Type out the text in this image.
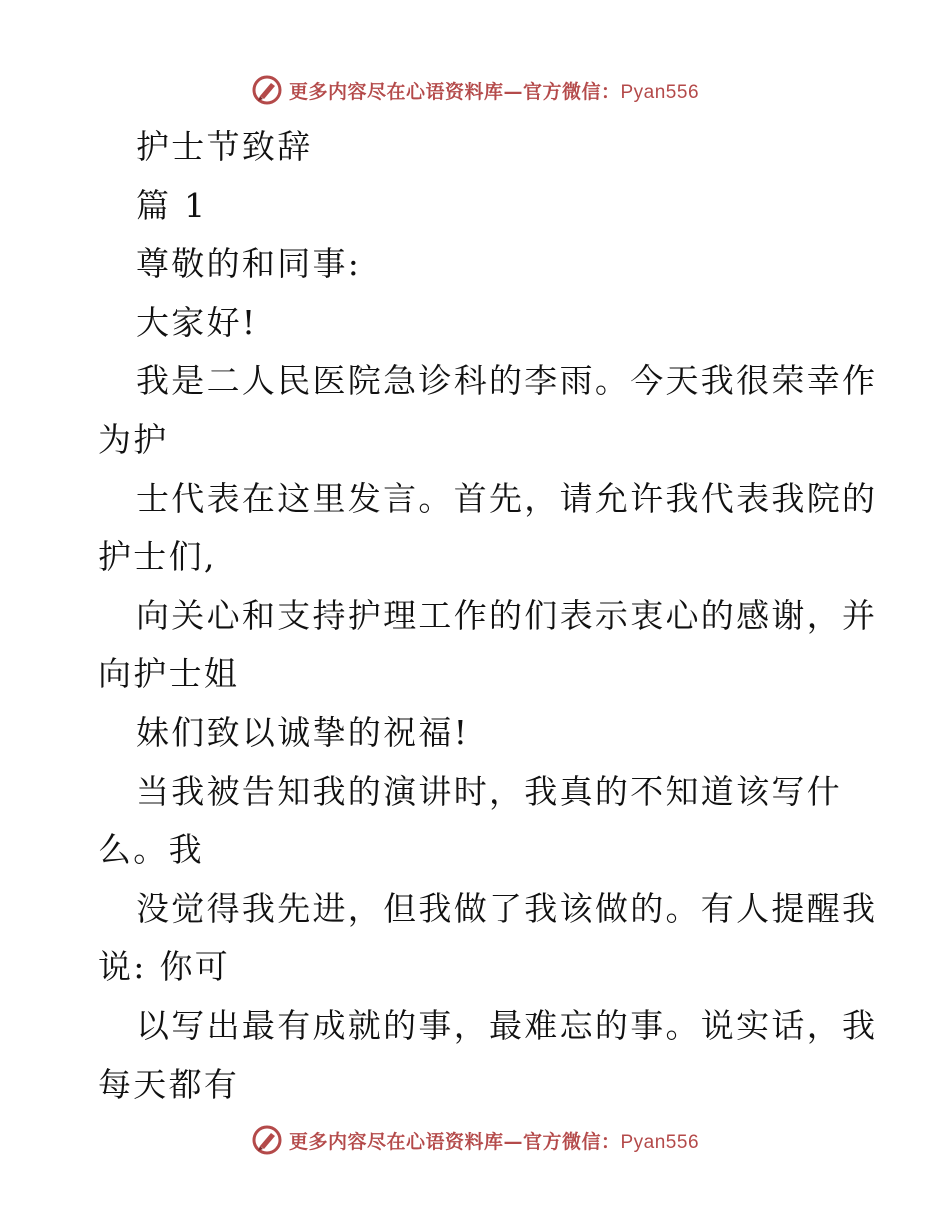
更多内容尽在心语资料库—官方微信：Pyan556
护士节致辞
篇 1
尊敬的和同事:
大家好!
我是二人民医院急诊科的李雨。今天我很荣幸作
为护
士代表在这里发言。首先，请允许我代表我院的
护士们,
向关心和支持护理工作的们表示衷心的感谢，并
向护士姐
妹们致以诚挚的祝福!
当我被告知我的演讲时，我真的不知道该写什
么。我
没觉得我先进，但我做了我该做的。有人提醒我
说: 你可
以写出最有成就的事，最难忘的事。说实话，我
每天都有
更多内容尽在心语资料库—官方微信：Pyan556
